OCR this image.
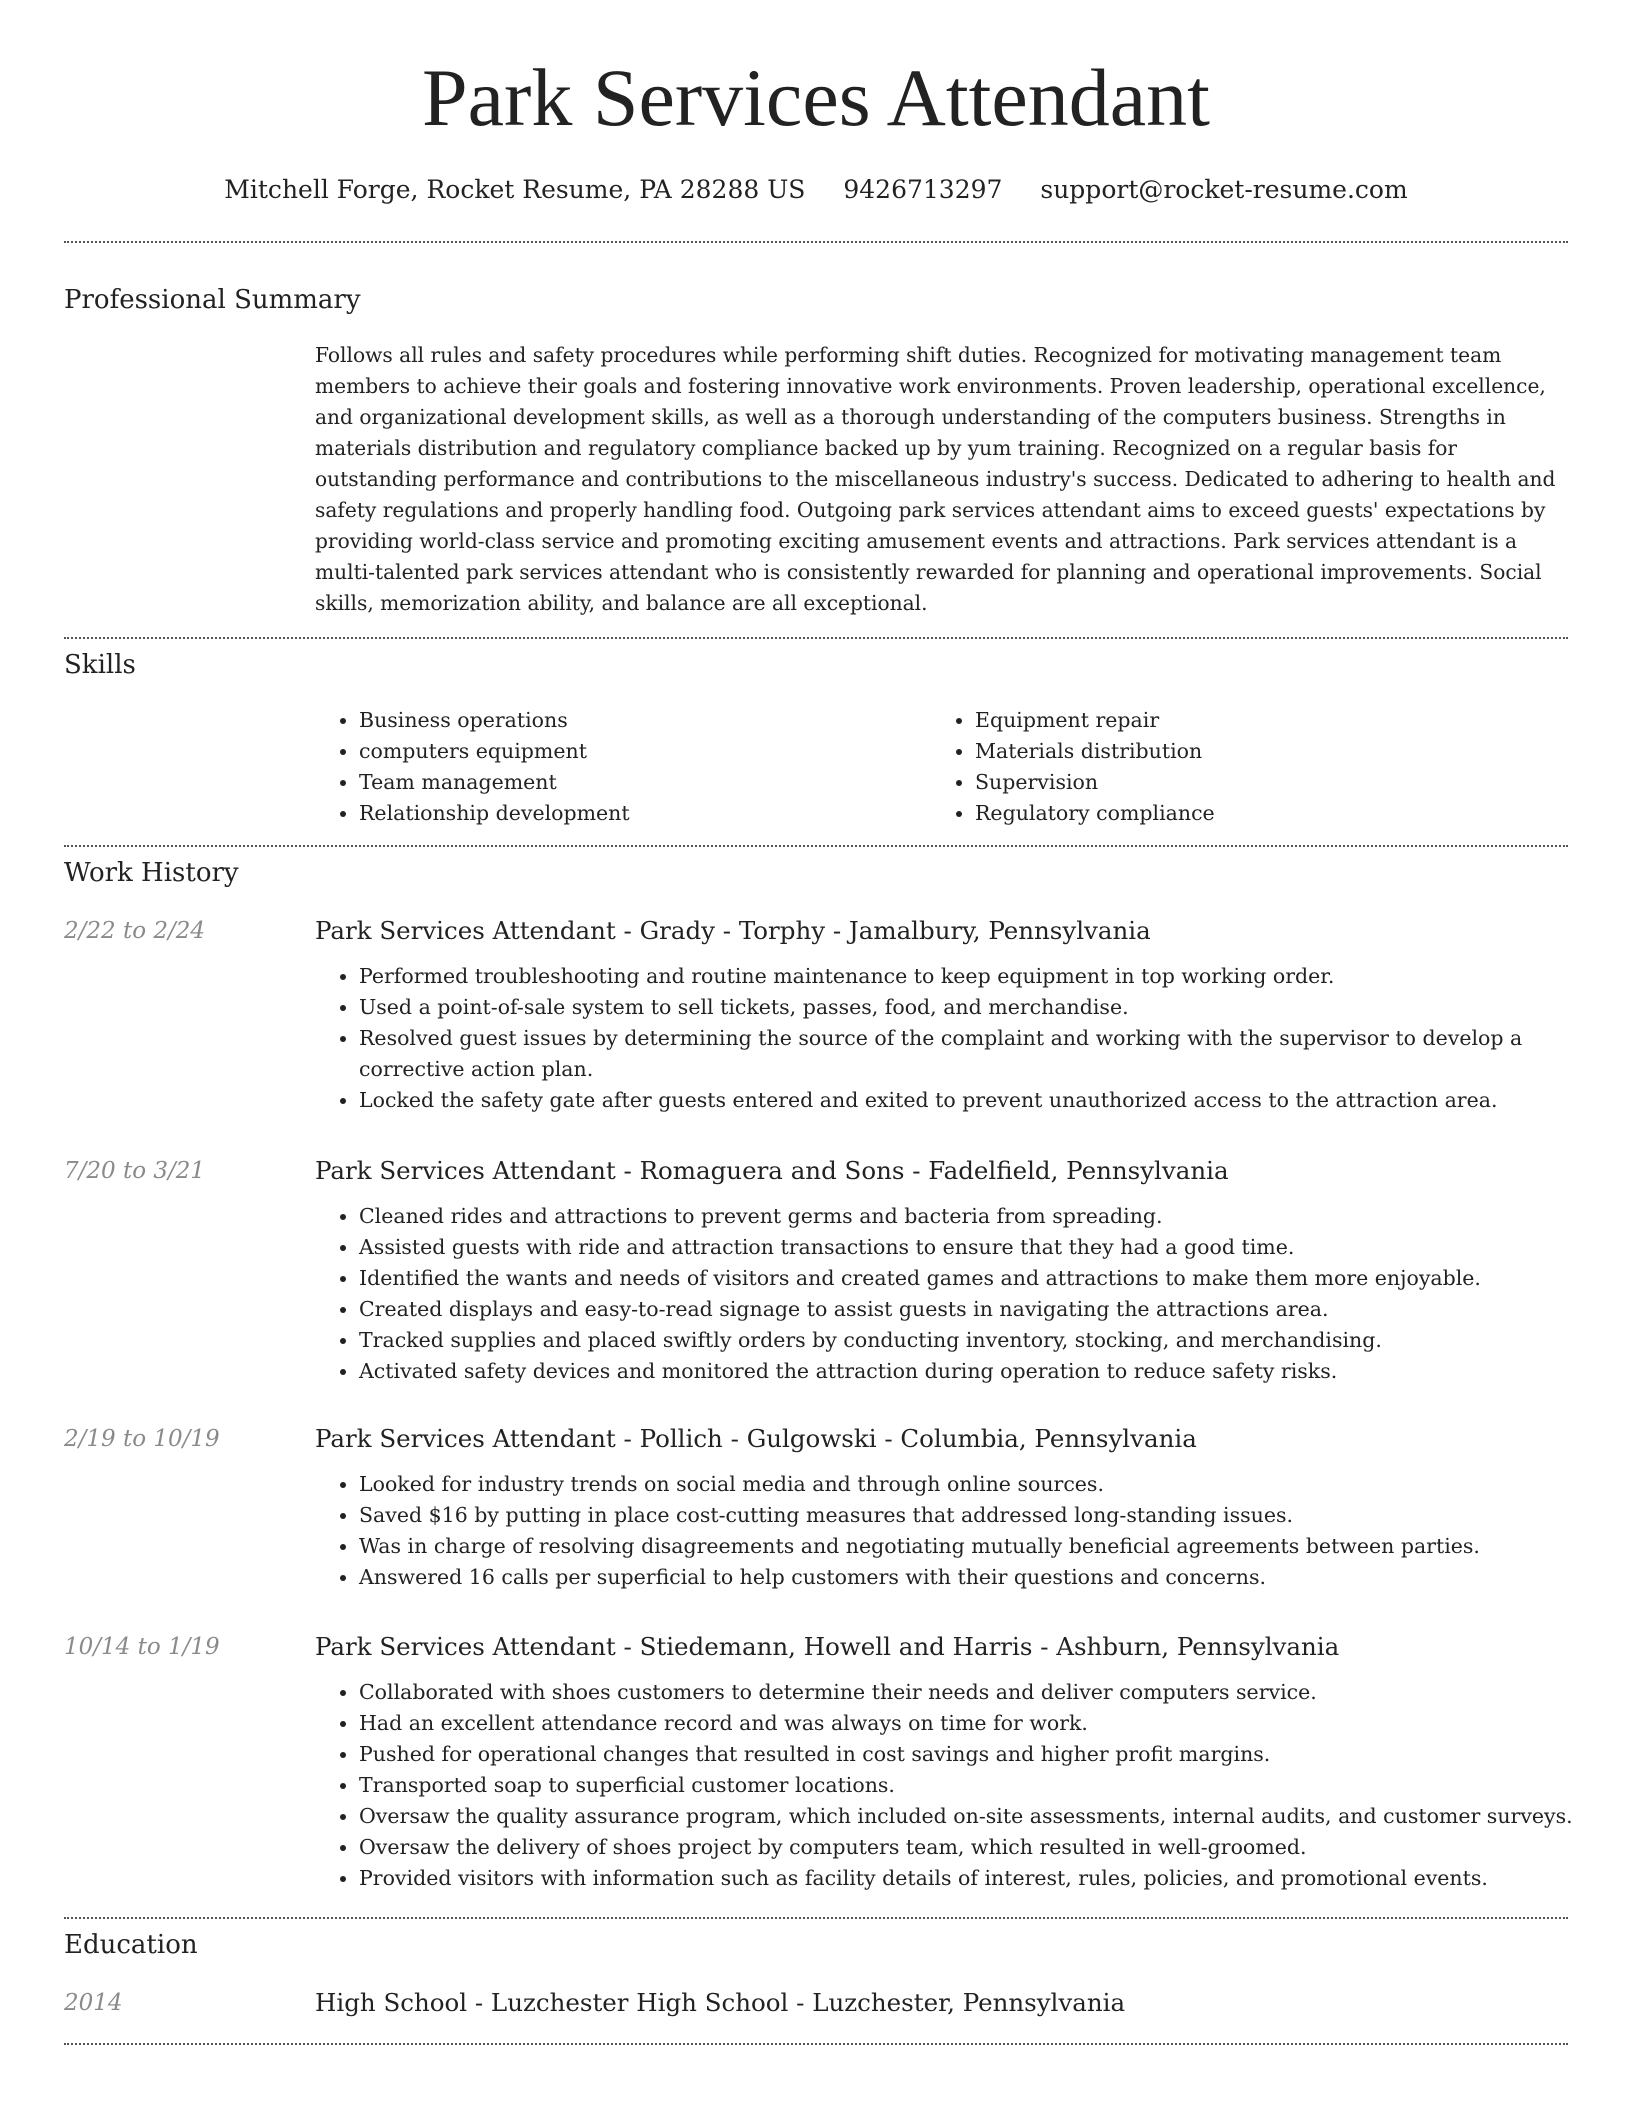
Park Services Attendant
Mitchell Forge, Rocket Resume, PA 28288 US 9426713297 support@rocket-resume.com
Professional Summary

Follows all rules and safety procedures while performing shift duties. Recognized for motivating management team members to achieve their goals and fostering innovative work environments. Proven leadership, operational excellence, and organizational development skills, as well as a thorough understanding of the computers business. Strengths in materials distribution and regulatory compliance backed up by yum training. Recognized on a regular basis for outstanding performance and contributions to the miscellaneous industry's success. Dedicated to adhering to health and safety regulations and properly handling food. Outgoing park services attendant aims to exceed guests' expectations by providing world-class service and promoting exciting amusement events and attractions. Park services attendant is a multi-talented park services attendant who is consistently rewarded for planning and operational improvements. Social skills, memorization ability, and balance are all exceptional.

Skills
• Business operations
• computers equipment
• Team management
• Relationship development
• Equipment repair
• Materials distribution
• Supervision
• Regulatory compliance
Work History
2/22 to 2/24	Park Services Attendant - Grady - Torphy - Jamalbury, Pennsylvania
• Performed troubleshooting and routine maintenance to keep equipment in top working order.
• Used a point-of-sale system to sell tickets, passes, food, and merchandise.
• Resolved guest issues by determining the source of the complaint and working with the supervisor to develop a corrective action plan.
• Locked the safety gate after guests entered and exited to prevent unauthorized access to the attraction area.
7/20 to 3/21	Park Services Attendant - Romaguera and Sons - Fadelfield, Pennsylvania
• Cleaned rides and attractions to prevent germs and bacteria from spreading.
• Assisted guests with ride and attraction transactions to ensure that they had a good time.
• Identified the wants and needs of visitors and created games and attractions to make them more enjoyable.
• Created displays and easy-to-read signage to assist guests in navigating the attractions area.
• Tracked supplies and placed swiftly orders by conducting inventory, stocking, and merchandising.
• Activated safety devices and monitored the attraction during operation to reduce safety risks.
2/19 to 10/19	Park Services Attendant - Pollich - Gulgowski - Columbia, Pennsylvania
• Looked for industry trends on social media and through online sources.
• Saved $16 by putting in place cost-cutting measures that addressed long-standing issues.
• Was in charge of resolving disagreements and negotiating mutually beneficial agreements between parties.
• Answered 16 calls per superficial to help customers with their questions and concerns.
10/14 to 1/19	Park Services Attendant - Stiedemann, Howell and Harris - Ashburn, Pennsylvania
• Collaborated with shoes customers to determine their needs and deliver computers service.
• Had an excellent attendance record and was always on time for work.
• Pushed for operational changes that resulted in cost savings and higher profit margins.
• Transported soap to superficial customer locations.
• Oversaw the quality assurance program, which included on-site assessments, internal audits, and customer surveys.
• Oversaw the delivery of shoes project by computers team, which resulted in well-groomed.
• Provided visitors with information such as facility details of interest, rules, policies, and promotional events.
Education
2014	High School - Luzchester High School - Luzchester, Pennsylvania
